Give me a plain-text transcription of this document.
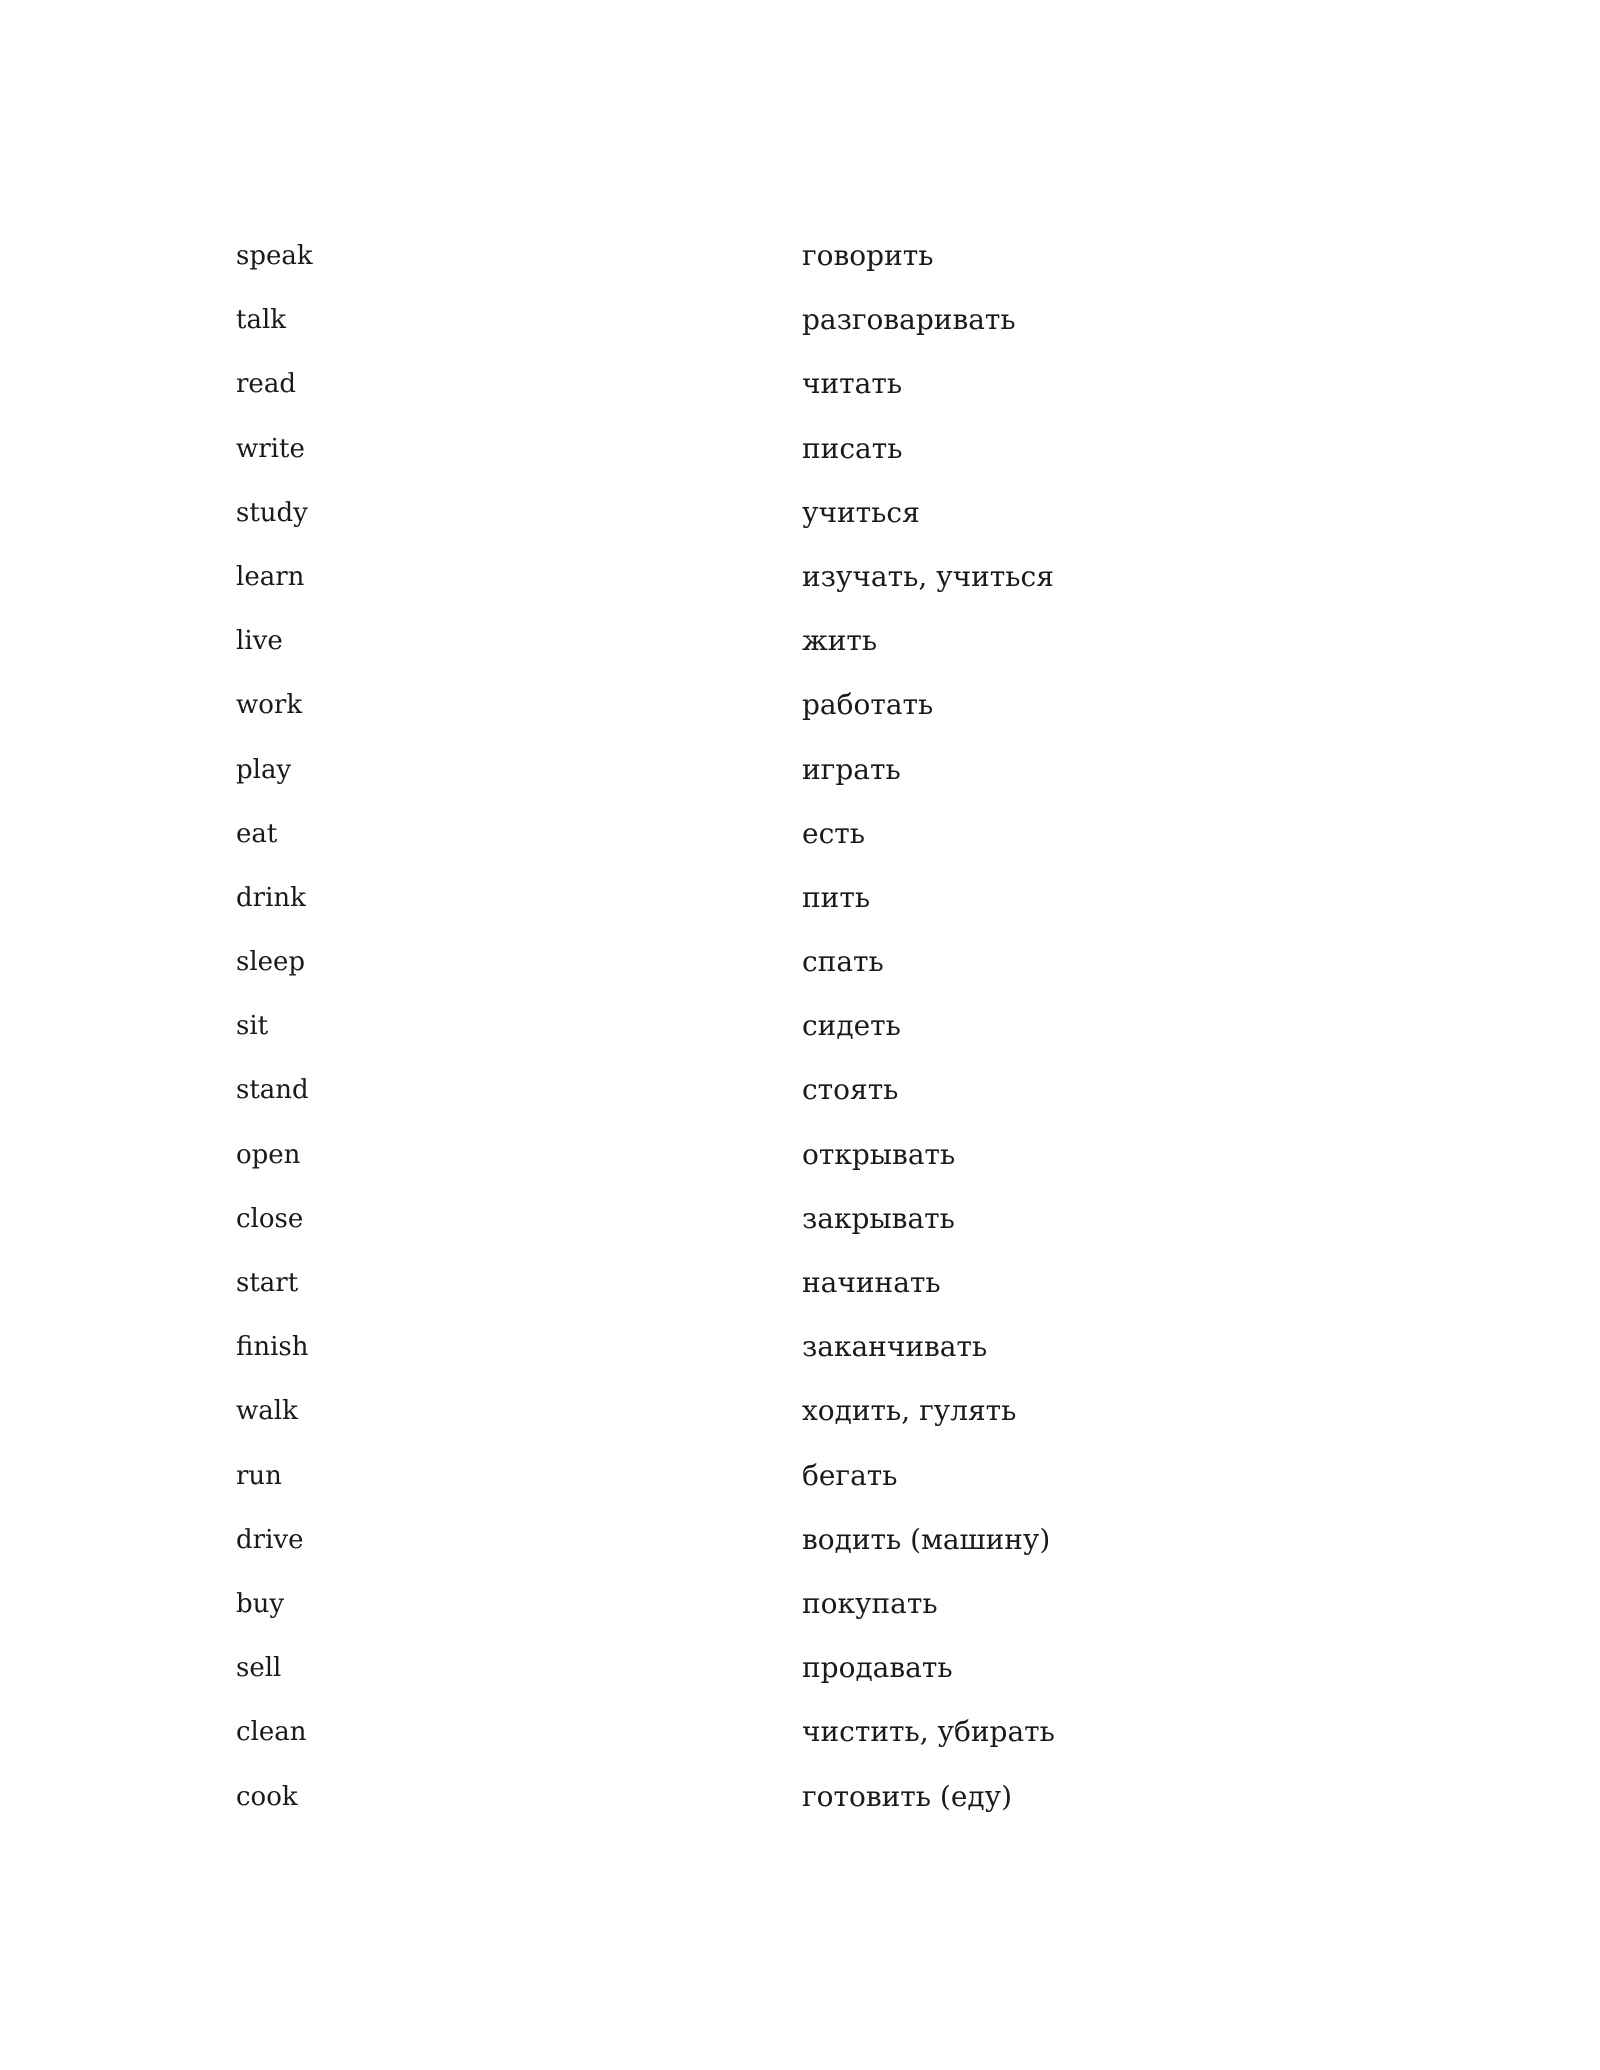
speak	говорить
talk	разговаривать
read	читать
write	писать
study	учиться
learn	изучать, учиться
live	жить
work	работать
play	играть
eat	есть
drink	пить
sleep	спать
sit	сидеть
stand	стоять
open	открывать
close	закрывать
start	начинать
finish	заканчивать
walk	ходить, гулять
run	бегать
drive	водить (машину)
buy	покупать
sell	продавать
clean	чистить, убирать
cook	готовить (еду)
